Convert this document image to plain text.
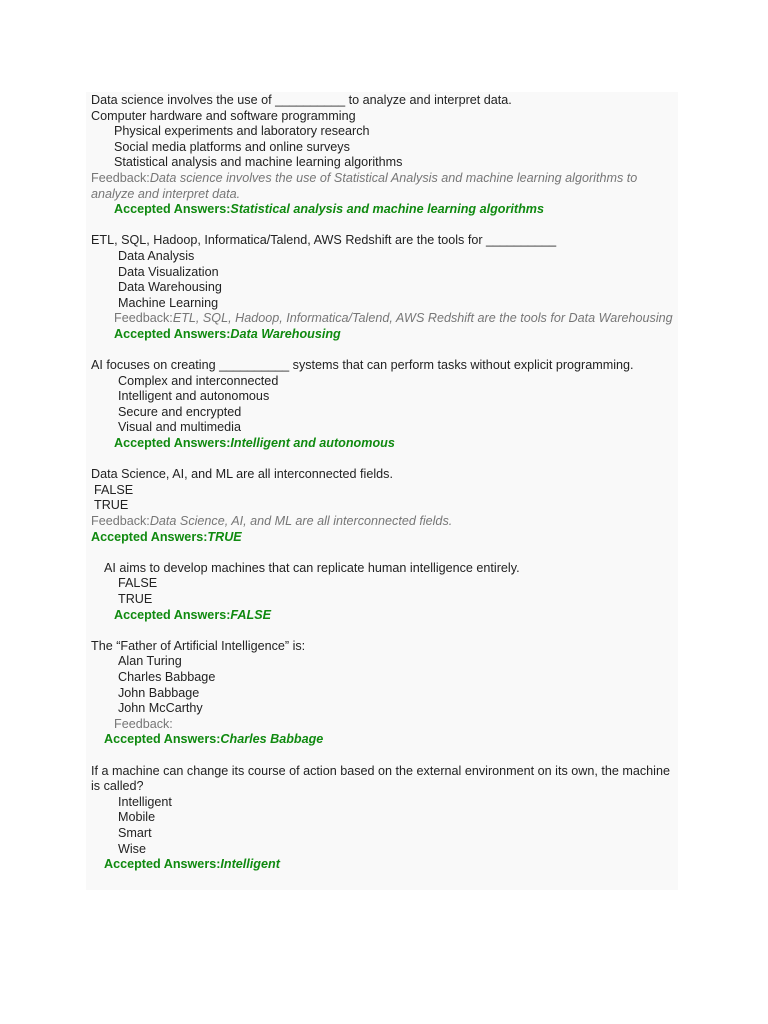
Data science involves the use of __________ to analyze and interpret data.
Computer hardware and software programming
Physical experiments and laboratory research
Social media platforms and online surveys
Statistical analysis and machine learning algorithms
Feedback:Data science involves the use of Statistical Analysis and machine learning algorithms to analyze and interpret data.
Accepted Answers:Statistical analysis and machine learning algorithms
ETL, SQL, Hadoop, Informatica/Talend, AWS Redshift are the tools for __________
Data Analysis
Data Visualization
Data Warehousing
Machine Learning
Feedback:ETL, SQL, Hadoop, Informatica/Talend, AWS Redshift are the tools for Data Warehousing
Accepted Answers:Data Warehousing
AI focuses on creating __________ systems that can perform tasks without explicit programming.
Complex and interconnected
Intelligent and autonomous
Secure and encrypted
Visual and multimedia
Accepted Answers:Intelligent and autonomous
Data Science, AI, and ML are all interconnected fields.
FALSE
TRUE
Feedback:Data Science, AI, and ML are all interconnected fields.
Accepted Answers:TRUE
AI aims to develop machines that can replicate human intelligence entirely.
FALSE
TRUE
Accepted Answers:FALSE
The “Father of Artificial Intelligence” is:
Alan Turing
Charles Babbage
John Babbage
John McCarthy
Feedback:
Accepted Answers:Charles Babbage
If a machine can change its course of action based on the external environment on its own, the machine is called?
Intelligent
Mobile
Smart
Wise
Accepted Answers:Intelligent
